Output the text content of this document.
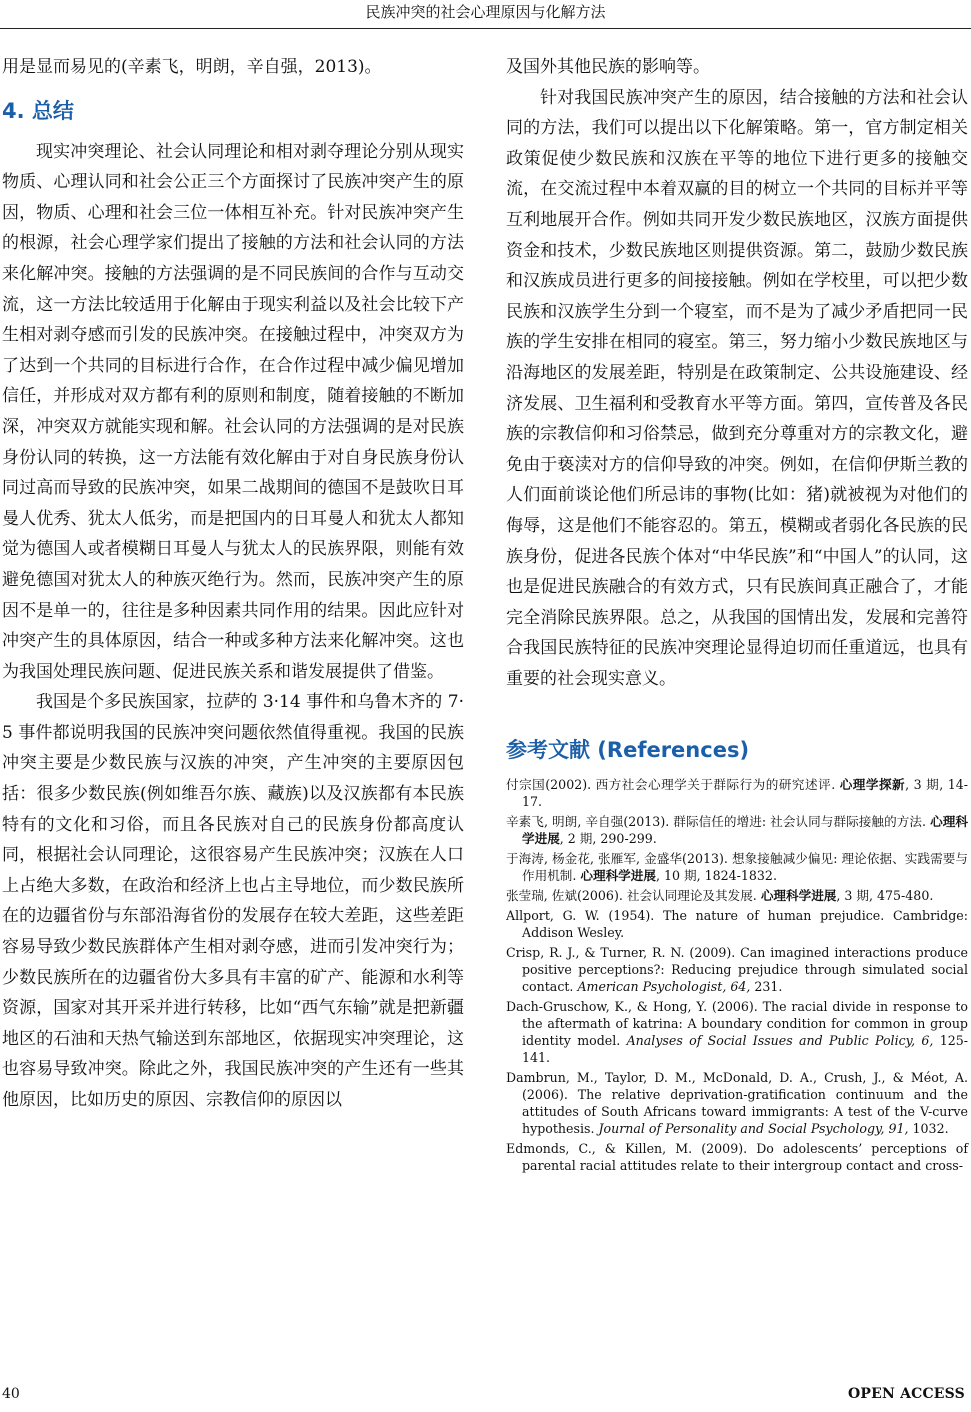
民族冲突的社会心理原因与化解方法

用是显而易见的(辛素飞，明朗，辛自强，2013)。

4. 总结

现实冲突理论、社会认同理论和相对剥夺理论分别从现实物质、心理认同和社会公正三个方面探讨了民族冲突产生的原因，物质、心理和社会三位一体相互补充。针对民族冲突产生的根源，社会心理学家们提出了接触的方法和社会认同的方法来化解冲突。接触的方法强调的是不同民族间的合作与互动交流，这一方法比较适用于化解由于现实利益以及社会比较下产生相对剥夺感而引发的民族冲突。在接触过程中，冲突双方为了达到一个共同的目标进行合作，在合作过程中减少偏见增加信任，并形成对双方都有利的原则和制度，随着接触的不断加深，冲突双方就能实现和解。社会认同的方法强调的是对民族身份认同的转换，这一方法能有效化解由于对自身民族身份认同过高而导致的民族冲突，如果二战期间的德国不是鼓吹日耳曼人优秀、犹太人低劣，而是把国内的日耳曼人和犹太人都知觉为德国人或者模糊日耳曼人与犹太人的民族界限，则能有效避免德国对犹太人的种族灭绝行为。然而，民族冲突产生的原因不是单一的，往往是多种因素共同作用的结果。因此应针对冲突产生的具体原因，结合一种或多种方法来化解冲突。这也为我国处理民族问题、促进民族关系和谐发展提供了借鉴。

我国是个多民族国家，拉萨的 3·14 事件和乌鲁木齐的 7·5 事件都说明我国的民族冲突问题依然值得重视。我国的民族冲突主要是少数民族与汉族的冲突，产生冲突的主要原因包括：很多少数民族(例如维吾尔族、藏族)以及汉族都有本民族特有的文化和习俗，而且各民族对自己的民族身份都高度认同，根据社会认同理论，这很容易产生民族冲突；汉族在人口上占绝大多数，在政治和经济上也占主导地位，而少数民族所在的边疆省份与东部沿海省份的发展存在较大差距，这些差距容易导致少数民族群体产生相对剥夺感，进而引发冲突行为；少数民族所在的边疆省份大多具有丰富的矿产、能源和水利等资源，国家对其开采并进行转移，比如“西气东输”就是把新疆地区的石油和天热气输送到东部地区，依据现实冲突理论，这也容易导致冲突。除此之外，我国民族冲突的产生还有一些其他原因，比如历史的原因、宗教信仰的原因以

及国外其他民族的影响等。

针对我国民族冲突产生的原因，结合接触的方法和社会认同的方法，我们可以提出以下化解策略。第一，官方制定相关政策促使少数民族和汉族在平等的地位下进行更多的接触交流，在交流过程中本着双赢的目的树立一个共同的目标并平等互利地展开合作。例如共同开发少数民族地区，汉族方面提供资金和技术，少数民族地区则提供资源。第二，鼓励少数民族和汉族成员进行更多的间接接触。例如在学校里，可以把少数民族和汉族学生分到一个寝室，而不是为了减少矛盾把同一民族的学生安排在相同的寝室。第三，努力缩小少数民族地区与沿海地区的发展差距，特别是在政策制定、公共设施建设、经济发展、卫生福利和受教育水平等方面。第四，宣传普及各民族的宗教信仰和习俗禁忌，做到充分尊重对方的宗教文化，避免由于亵渎对方的信仰导致的冲突。例如，在信仰伊斯兰教的人们面前谈论他们所忌讳的事物(比如：猪)就被视为对他们的侮辱，这是他们不能容忍的。第五，模糊或者弱化各民族的民族身份，促进各民族个体对“中华民族”和“中国人”的认同，这也是促进民族融合的有效方式，只有民族间真正融合了，才能完全消除民族界限。总之，从我国的国情出发，发展和完善符合我国民族特征的民族冲突理论显得迫切而任重道远，也具有重要的社会现实意义。

参考文献 (References)

付宗国(2002). 西方社会心理学关于群际行为的研究述评. 心理学探新, 3 期, 14-17.

辛素飞, 明朗, 辛自强(2013). 群际信任的增进: 社会认同与群际接触的方法. 心理科学进展, 2 期, 290-299.

于海涛, 杨金花, 张雁军, 金盛华(2013). 想象接触减少偏见: 理论依据、实践需要与作用机制. 心理科学进展, 10 期, 1824-1832.

张莹瑞, 佐斌(2006). 社会认同理论及其发展. 心理科学进展, 3 期, 475-480.

Allport, G. W. (1954). The nature of human prejudice. Cambridge: Addison Wesley.

Crisp, R. J., & Turner, R. N. (2009). Can imagined interactions produce positive perceptions?: Reducing prejudice through simulated social contact. American Psychologist, 64, 231.

Dach-Gruschow, K., & Hong, Y. (2006). The racial divide in response to the aftermath of katrina: A boundary condition for common in group identity model. Analyses of Social Issues and Public Policy, 6, 125-141.

Dambrun, M., Taylor, D. M., McDonald, D. A., Crush, J., & Méot, A. (2006). The relative deprivation-gratification continuum and the attitudes of South Africans toward immigrants: A test of the V-curve hypothesis. Journal of Personality and Social Psychology, 91, 1032.

Edmonds, C., & Killen, M. (2009). Do adolescents’ perceptions of parental racial attitudes relate to their intergroup contact and cross-

40	OPEN ACCESS
